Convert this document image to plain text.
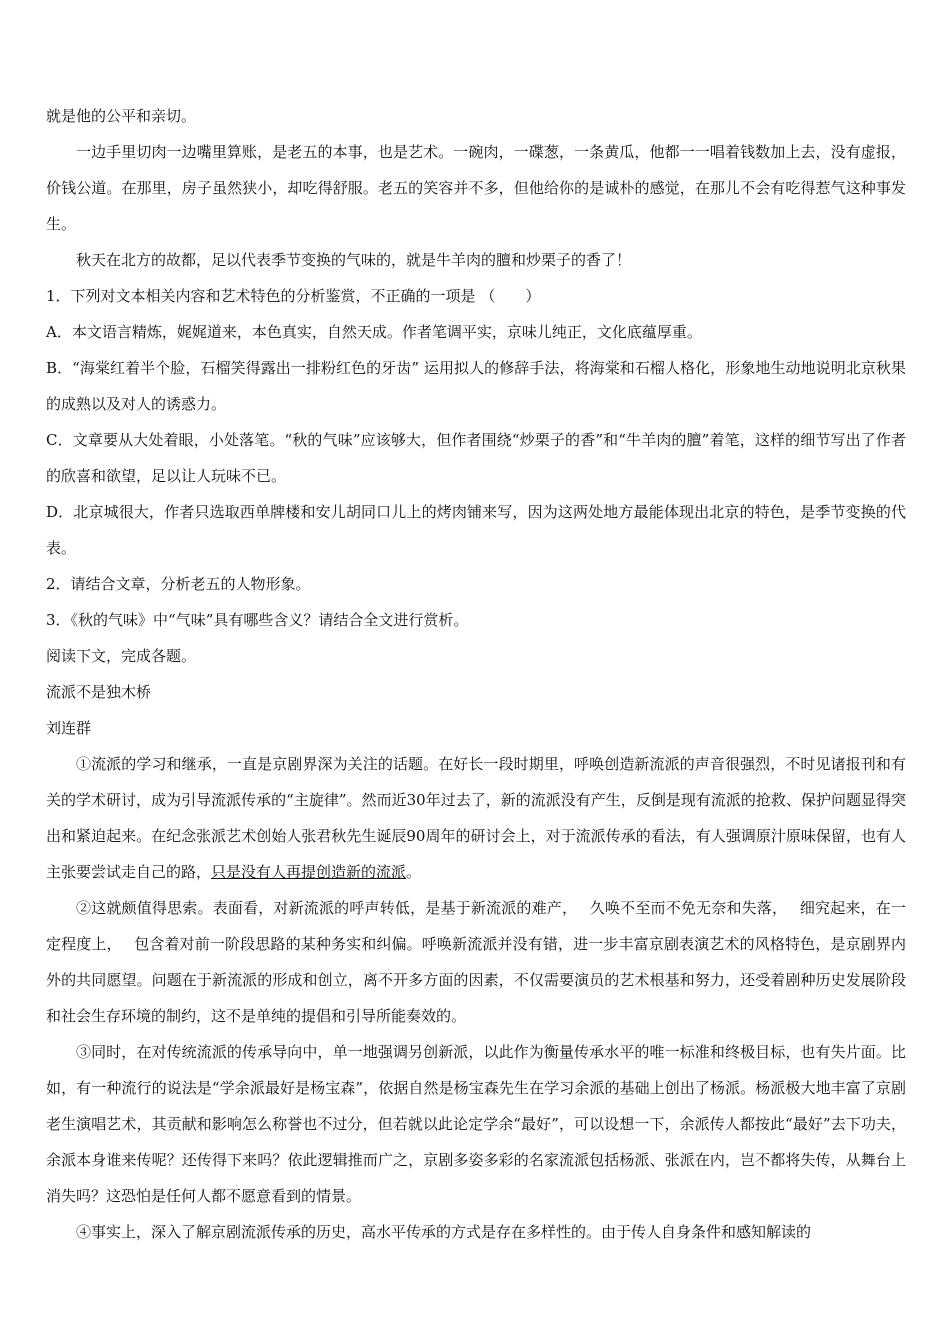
就是他的公平和亲切。

一边手里切肉一边嘴里算账，是老五的本事，也是艺术。一碗肉，一碟葱，一条黄瓜，他都一一唱着钱数加上去，没有虚报，价钱公道。在那里，房子虽然狭小，却吃得舒服。老五的笑容并不多，但他给你的是诚朴的感觉，在那儿不会有吃得惹气这种事发生。

秋天在北方的故都，足以代表季节变换的气味的，就是牛羊肉的膻和炒栗子的香了！

1．下列对文本相关内容和艺术特色的分析鉴赏，不正确的一项是 （　　）

A．本文语言精炼，娓娓道来，本色真实，自然天成。作者笔调平实，京味儿纯正，文化底蕴厚重。

B．“海棠红着半个脸，石榴笑得露出一排粉红色的牙齿” 运用拟人的修辞手法，将海棠和石榴人格化，形象地生动地说明北京秋果的成熟以及对人的诱惑力。

C．文章要从大处着眼，小处落笔。“秋的气味”应该够大，但作者围绕“炒栗子的香”和“牛羊肉的膻”着笔，这样的细节写出了作者的欣喜和欲望，足以让人玩味不已。

D．北京城很大，作者只选取西单牌楼和安儿胡同口儿上的烤肉铺来写，因为这两处地方最能体现出北京的特色，是季节变换的代表。

2．请结合文章，分析老五的人物形象。

3．《秋的气味》中“气味”具有哪些含义？请结合全文进行赏析。

阅读下文，完成各题。

流派不是独木桥

刘连群

①流派的学习和继承，一直是京剧界深为关注的话题。在好长一段时期里，呼唤创造新流派的声音很强烈，不时见诸报刊和有关的学术研讨，成为引导流派传承的“主旋律”。然而近30年过去了，新的流派没有产生，反倒是现有流派的抢救、保护问题显得突出和紧迫起来。在纪念张派艺术创始人张君秋先生诞辰90周年的研讨会上，对于流派传承的看法，有人强调原汁原味保留，也有人主张要尝试走自己的路，只是没有人再提创造新的流派。

②这就颇值得思索。表面看，对新流派的呼声转低，是基于新流派的难产，　 久唤不至而不免无奈和失落，　 细究起来，在一定程度上，　 包含着对前一阶段思路的某种务实和纠偏。呼唤新流派并没有错，进一步丰富京剧表演艺术的风格特色，是京剧界内外的共同愿望。问题在于新流派的形成和创立，离不开多方面的因素，不仅需要演员的艺术根基和努力，还受着剧种历史发展阶段和社会生存环境的制约，这不是单纯的提倡和引导所能奏效的。

③同时，在对传统流派的传承导向中，单一地强调另创新派，以此作为衡量传承水平的唯一标准和终极目标，也有失片面。比如，有一种流行的说法是“学余派最好是杨宝森”，依据自然是杨宝森先生在学习余派的基础上创出了杨派。杨派极大地丰富了京剧老生演唱艺术，其贡献和影响怎么称誉也不过分，但若就以此论定学余“最好”，可以设想一下，余派传人都按此“最好”去下功夫，余派本身谁来传呢？还传得下来吗？依此逻辑推而广之，京剧多姿多彩的名家流派包括杨派、张派在内，岂不都将失传，从舞台上消失吗？这恐怕是任何人都不愿意看到的情景。

④事实上，深入了解京剧流派传承的历史，高水平传承的方式是存在多样性的。由于传人自身条件和感知解读的
